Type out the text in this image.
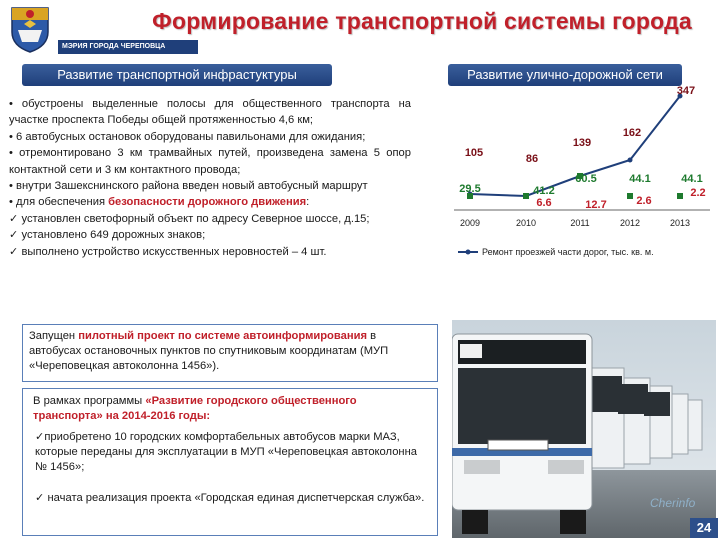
МЭРИЯ ГОРОДА ЧЕРЕПОВЦА
Формирование транспортной системы города
Развитие транспортной инфрастуктуры	Развитие улично-дорожной сети

• обустроены выделенные полосы для общественного транспорта на участке проспекта Победы общей протяженностью 4,6 км;

• 6 автобусных остановок оборудованы павильонами для ожидания;

• отремонтировано 3 км трамвайных путей, произведена замена 5 опор контактной сети и 3 км контактного провода;

• внутри Зашекснинского района введен новый автобусный маршрут

• для обеспечения безопасности дорожного движения:

✓ установлен светофорный объект по адресу Северное шоссе, д.15;

✓ установлено 649 дорожных знаков;

✓ выполнено устройство искусственных неровностей – 4 шт.

2009	2010	2011	2012	2013
105	86
139
162
347
29.5	41.2
60.5	44.1	44.1
6.6	12.7	2.6
2.2
Ремонт проезжей части дорог, тыс. кв. м.
Запущен пилотный проект по системе автоинформирования в автобусах остановочных пунктов по спутниковым координатам (МУП «Череповецкая автоколонна 1456»).
В рамках программы «Развитие городского общественного транспорта» на 2014-2016 годы:
✓приобретено 10 городских комфортабельных автобусов марки МАЗ, которые переданы для эксплуатации в МУП «Череповецкая автоколонна № 1456»;
✓ начата реализация проекта «Городская единая диспетчерская служба».	Cherinfo
24
